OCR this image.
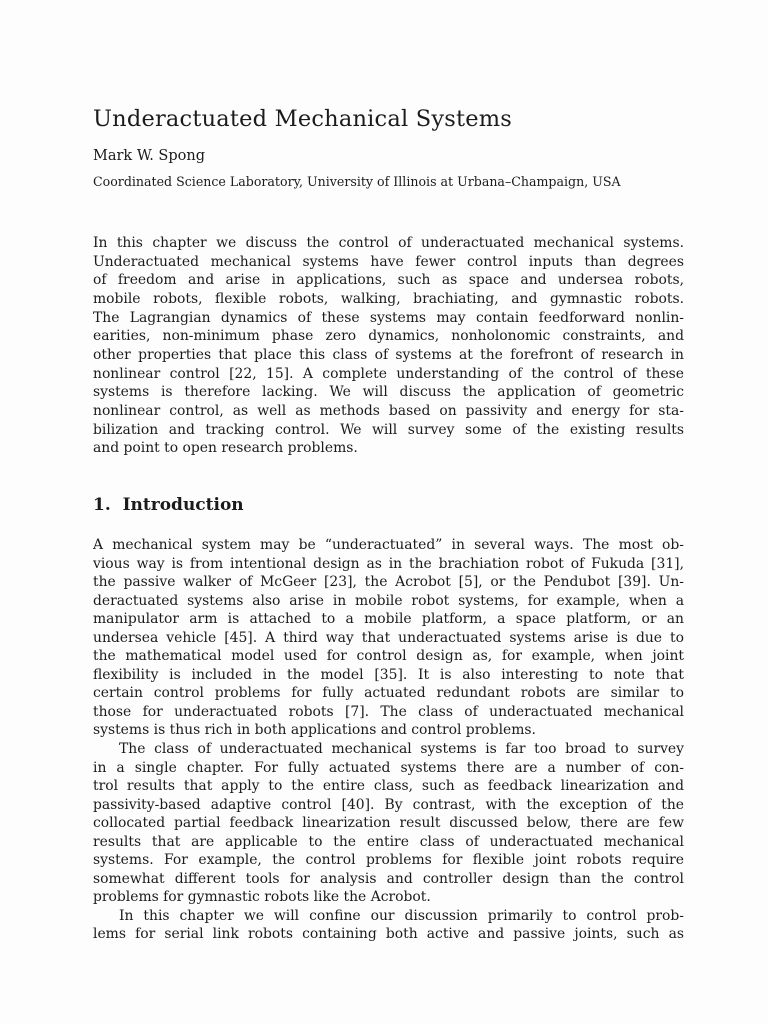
Underactuated Mechanical Systems
Mark W. Spong
Coordinated Science Laboratory, University of Illinois at Urbana–Champaign, USA
In this chapter we discuss the control of underactuated mechanical systems.
Underactuated mechanical systems have fewer control inputs than degrees
of freedom and arise in applications, such as space and undersea robots,
mobile robots, flexible robots, walking, brachiating, and gymnastic robots.
The Lagrangian dynamics of these systems may contain feedforward nonlin-
earities, non-minimum phase zero dynamics, nonholonomic constraints, and
other properties that place this class of systems at the forefront of research in
nonlinear control [22, 15]. A complete understanding of the control of these
systems is therefore lacking. We will discuss the application of geometric
nonlinear control, as well as methods based on passivity and energy for sta-
bilization and tracking control. We will survey some of the existing results
and point to open research problems.
1. Introduction

A mechanical system may be “underactuated” in several ways. The most ob-
vious way is from intentional design as in the brachiation robot of Fukuda [31],
the passive walker of McGeer [23], the Acrobot [5], or the Pendubot [39]. Un-
deractuated systems also arise in mobile robot systems, for example, when a
manipulator arm is attached to a mobile platform, a space platform, or an
undersea vehicle [45]. A third way that underactuated systems arise is due to
the mathematical model used for control design as, for example, when joint
flexibility is included in the model [35]. It is also interesting to note that
certain control problems for fully actuated redundant robots are similar to
those for underactuated robots [7]. The class of underactuated mechanical
systems is thus rich in both applications and control problems.

The class of underactuated mechanical systems is far too broad to survey
in a single chapter. For fully actuated systems there are a number of con-
trol results that apply to the entire class, such as feedback linearization and
passivity-based adaptive control [40]. By contrast, with the exception of the
collocated partial feedback linearization result discussed below, there are few
results that are applicable to the entire class of underactuated mechanical
systems. For example, the control problems for flexible joint robots require
somewhat different tools for analysis and controller design than the control
problems for gymnastic robots like the Acrobot.

In this chapter we will confine our discussion primarily to control prob-
lems for serial link robots containing both active and passive joints, such as
